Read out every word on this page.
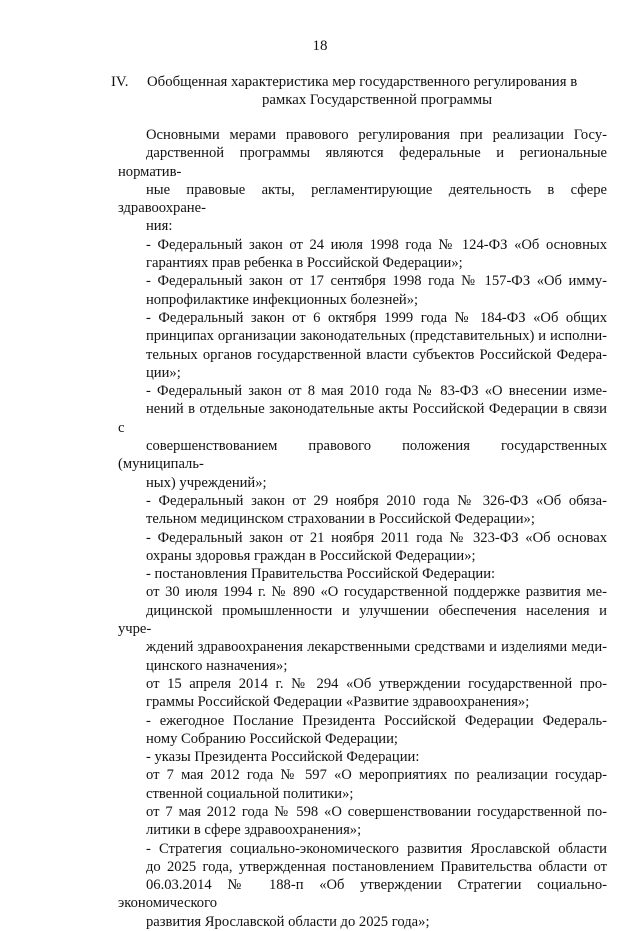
18
IV. Обобщенная характеристика мер государственного регулирования в
рамках Государственной программы
Основными мерами правового регулирования при реализации Госу-
дарственной программы являются федеральные и региональные норматив-
ные правовые акты, регламентирующие деятельность в сфере здравоохране-
ния:
- Федеральный закон от 24 июля 1998 года № 124-ФЗ «Об основных
гарантиях прав ребенка в Российской Федерации»;
- Федеральный закон от 17 сентября 1998 года № 157-ФЗ «Об имму-
нопрофилактике инфекционных болезней»;
- Федеральный закон от 6 октября 1999 года № 184-ФЗ «Об общих
принципах организации законодательных (представительных) и исполни-
тельных органов государственной власти субъектов Российской Федера-
ции»;
- Федеральный закон от 8 мая 2010 года № 83-ФЗ «О внесении изме-
нений в отдельные законодательные акты Российской Федерации в связи с
совершенствованием правового положения государственных (муниципаль-
ных) учреждений»;
- Федеральный закон от 29 ноября 2010 года № 326-ФЗ «Об обяза-
тельном медицинском страховании в Российской Федерации»;
- Федеральный закон от 21 ноября 2011 года № 323-ФЗ «Об основах
охраны здоровья граждан в Российской Федерации»;
- постановления Правительства Российской Федерации:
от 30 июля 1994 г. № 890 «О государственной поддержке развития ме-
дицинской промышленности и улучшении обеспечения населения и учре-
ждений здравоохранения лекарственными средствами и изделиями меди-
цинского назначения»;
от 15 апреля 2014 г. № 294 «Об утверждении государственной про-
граммы Российской Федерации «Развитие здравоохранения»;
- ежегодное Послание Президента Российской Федерации Федераль-
ному Собранию Российской Федерации;
- указы Президента Российской Федерации:
от 7 мая 2012 года № 597 «О мероприятиях по реализации государ-
ственной социальной политики»;
от 7 мая 2012 года № 598 «О совершенствовании государственной по-
литики в сфере здравоохранения»;
- Стратегия социально-экономического развития Ярославской области
до 2025 года, утвержденная постановлением Правительства области от
06.03.2014 № 188-п «Об утверждении Стратегии социально-экономического
развития Ярославской области до 2025 года»;
